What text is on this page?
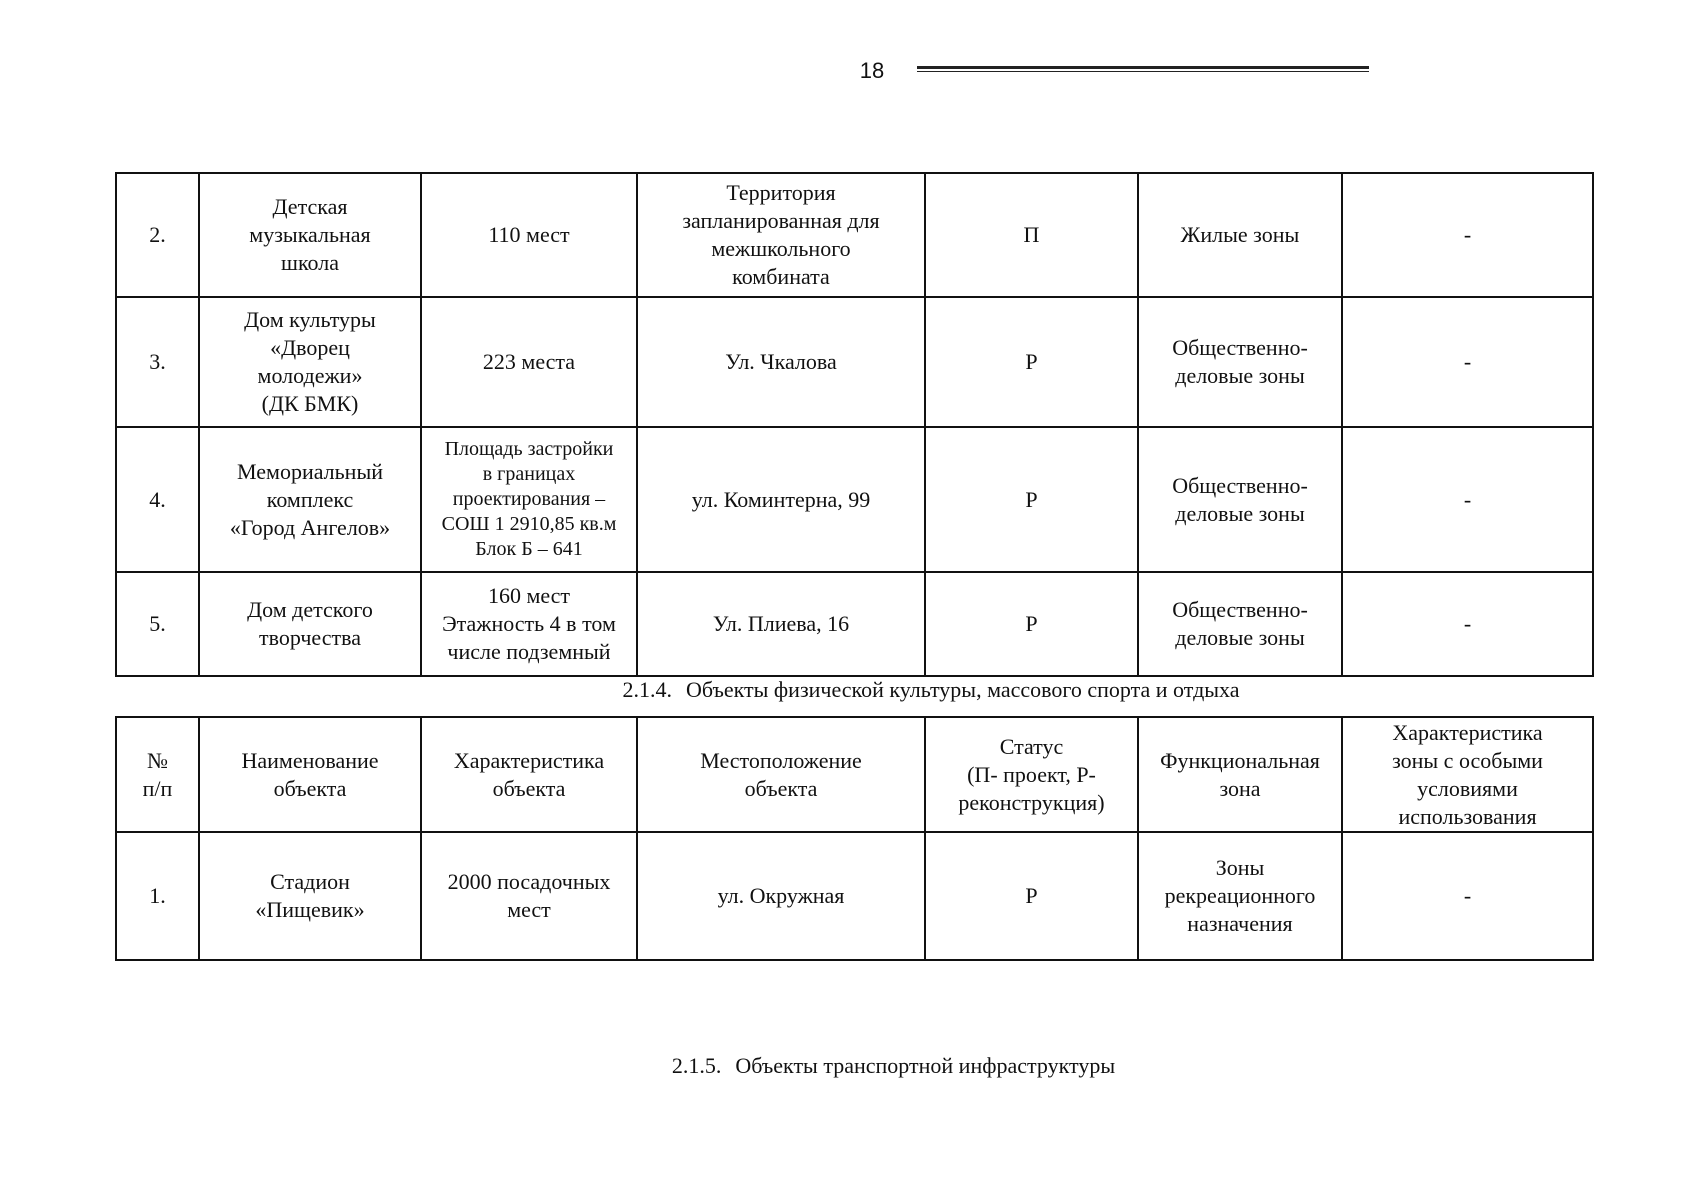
18
2.	Детская
музыкальная
школа	110 мест	Территория
запланированная для
межшкольного
комбината	П	Жилые зоны	-
3.	Дом культуры
«Дворец
молодежи»
(ДК БМК)	223 места	Ул. Чкалова	Р	Общественно-
деловые зоны	-
4.	Мемориальный
комплекс
«Город Ангелов»	Площадь застройки
в границах
проектирования –
СОШ 1 2910,85 кв.м
Блок Б – 641	ул. Коминтерна, 99	Р	Общественно-
деловые зоны	-
5.	Дом детского
творчества	160 мест
Этажность 4 в том
числе подземный	Ул. Плиева, 16	Р	Общественно-
деловые зоны	-
2.1.4. Объекты физической культуры, массового спорта и отдыха
№
п/п	Наименование
объекта	Характеристика
объекта	Местоположение
объекта	Статус
(П- проект, Р-
реконструкция)	Функциональная
зона	Характеристика
зоны с особыми
условиями
использования
1.	Стадион
«Пищевик»	2000 посадочных
мест	ул. Окружная	Р	Зоны
рекреационного
назначения	-
2.1.5. Объекты транспортной инфраструктуры
